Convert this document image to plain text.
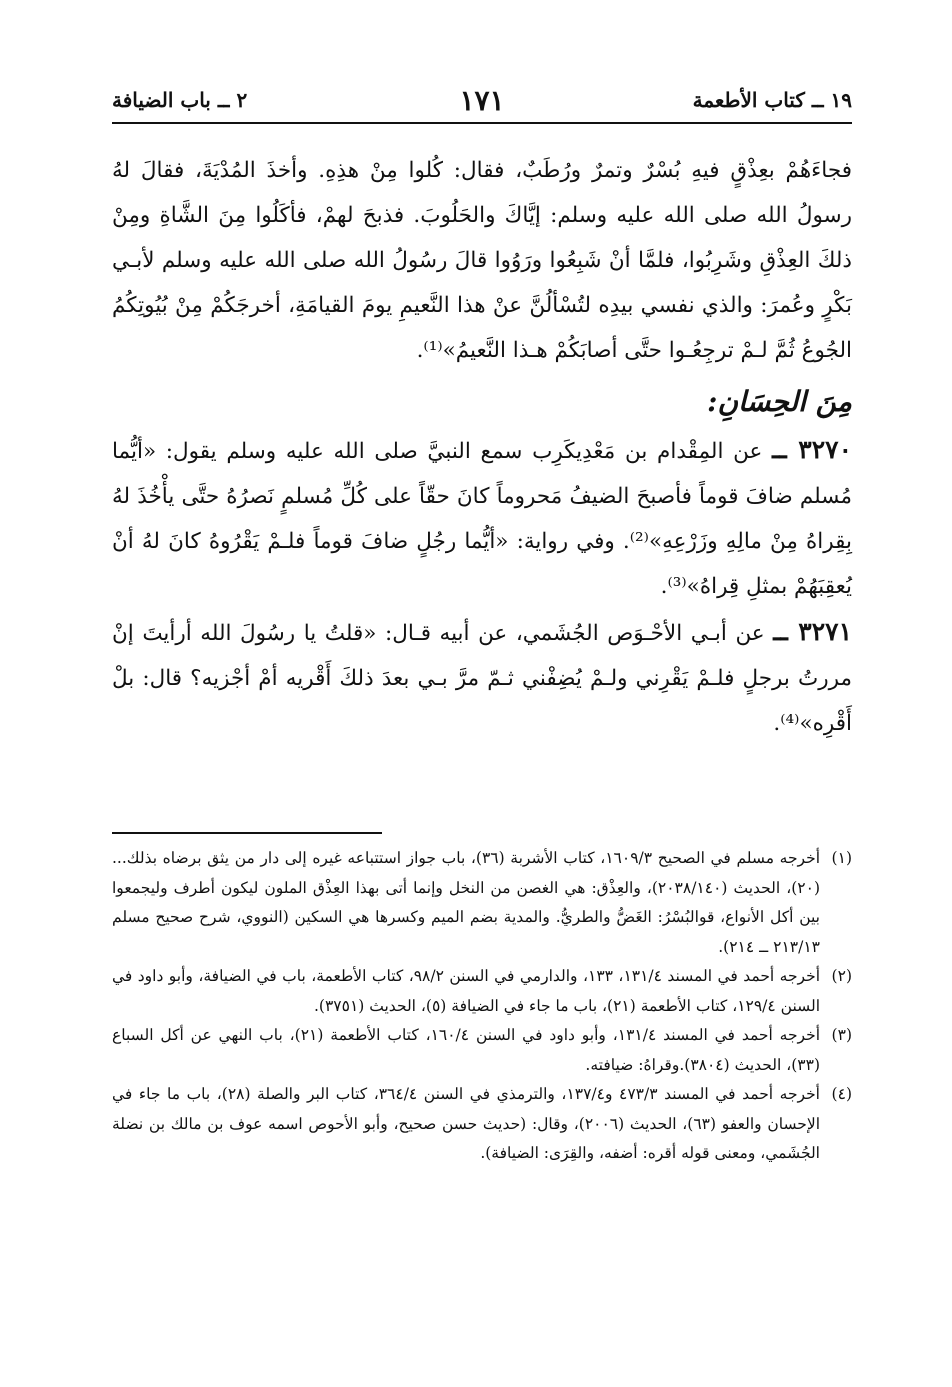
١٩ ــ كتاب الأطعمة
١٧١
٢ ــ باب الضيافة

فجاءَهُمْ بعِذْقٍ فيهِ بُسْرٌ وتمرٌ ورُطَبٌ، فقال: كُلوا مِنْ هذِهِ. وأخذَ المُدْيَةَ، فقالَ لهُ رسولُ الله صلى الله عليه وسلم: إيَّاكَ والحَلُوبَ. فذبحَ لهمْ، فأكَلُوا مِنَ الشَّاةِ ومِنْ ذلكَ العِذْقِ وشَرِبُوا، فلمَّا أنْ شَبِعُوا ورَوُوا قالَ رسُولُ الله صلى الله عليه وسلم لأبـي بَكْرٍ وعُمرَ: والذي نفسي بيدِه لتُسْألُنَّ عنْ هذا النَّعيمِ يومَ القيامَةِ، أخرجَكُمْ مِنْ بُيُوتِكُمُ الجُوعُ ثُمَّ لـمْ ترجِعُـوا حتَّى أصابَكُمْ هـذا النَّعيمُ»⁽¹⁾.

مِنَ الحِسَانِ:

٣٢٧٠ ــ عن المِقْدام بن مَعْدِيكَرِب سمع النبيَّ صلى الله عليه وسلم يقول: «أيُّما مُسلم ضافَ قوماً فأصبحَ الضيفُ مَحروماً كانَ حقّاً على كُلِّ مُسلمٍ نَصرُهُ حتَّى يأْخُذَ لهُ بِقِراهُ مِنْ مالِهِ وزَرْعِهِ»⁽²⁾. وفي رواية: «أيُّما رجُلٍ ضافَ قوماً فلـمْ يَقْرُوهُ كانَ لهُ أنْ يُعقِبَهُمْ بمثلِ قِراهُ»⁽³⁾.

٣٢٧١ ــ عن أبـي الأحْـوَص الجُشَمي، عن أبيه قـال: «قلتُ يا رسُولَ الله أرأيتَ إنْ مررتُ برجلٍ فلـمْ يَقْرِني ولـمْ يُضِفْني ثـمّ مرَّ بـي بعدَ ذلكَ أَقْريه أمْ أجْزيه؟ قال: بلْ أَقْرِه»⁽⁴⁾.

(١)
أخرجه مسلم في الصحيح ١٦٠٩/٣، كتاب الأشربة (٣٦)، باب جواز استتباعه غيره إلى دار من يثق برضاه بذلك... (٢٠)، الحديث (٢٠٣٨/١٤٠)، والعِذْق: هي الغصن من النخل وإنما أتى بهذا العِذْق الملون ليكون أطرف وليجمعوا بين أكل الأنواع، قوالبُسْرُ: الغَضُّ والطريُّ. والمدية بضم الميم وكسرها هي السكين (النووي، شرح صحيح مسلم ٢١٣/١٣ ــ ٢١٤).
(٢)
أخرجه أحمد في المسند ١٣١/٤، ١٣٣، والدارمي في السنن ٩٨/٢، كتاب الأطعمة، باب في الضيافة، وأبو داود في السنن ١٢٩/٤، كتاب الأطعمة (٢١)، باب ما جاء في الضيافة (٥)، الحديث (٣٧٥١).
(٣)
أخرجه أحمد في المسند ١٣١/٤، وأبو داود في السنن ١٦٠/٤، كتاب الأطعمة (٢١)، باب النهي عن أكل السباع (٣٣)، الحديث (٣٨٠٤).وقراهُ: ضيافته.
(٤)
أخرجه أحمد في المسند ٤٧٣/٣ و١٣٧/٤، والترمذي في السنن ٣٦٤/٤، كتاب البر والصلة (٢٨)، باب ما جاء في الإحسان والعفو (٦٣)، الحديث (٢٠٠٦)، وقال: (حديث حسن صحيح، وأبو الأحوص اسمه عوف بن مالك بن نضلة الجُشَمي، ومعنى قوله أقره: أضفه، والقِرَى: الضيافة).
